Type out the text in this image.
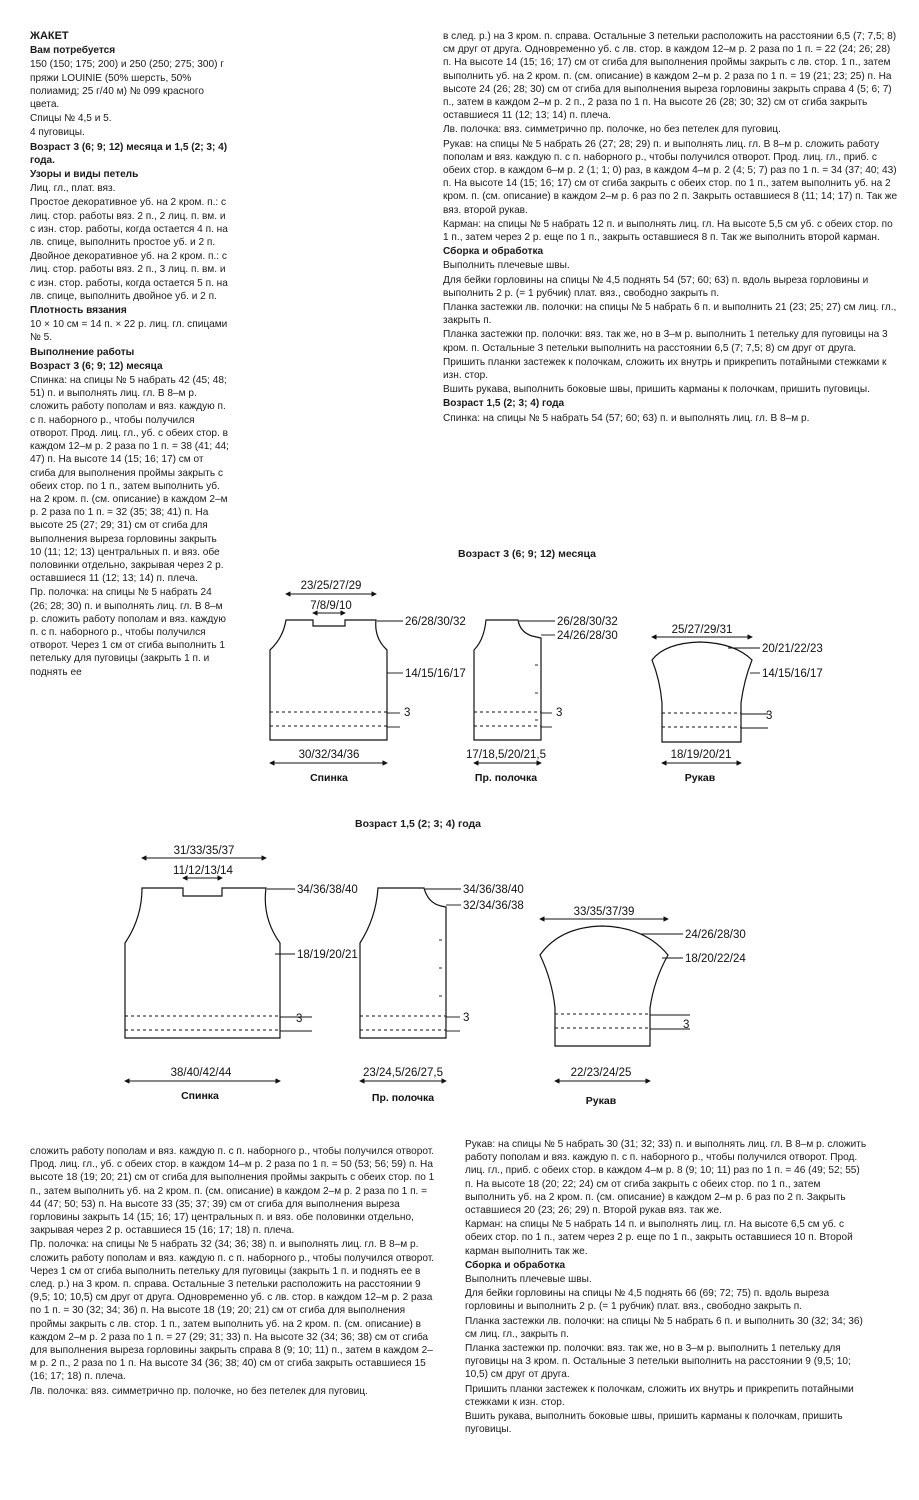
ЖАКЕТ

Вам потребуется

150 (150; 175; 200) и 250 (250; 275; 300) г пряжи LOUINIE (50% шерсть, 50% полиамид; 25 г/40 м) № 099 красного цвета.

Спицы № 4,5 и 5.

4 пуговицы.

Возраст 3 (6; 9; 12) месяца и 1,5 (2; 3; 4) года.

Узоры и виды петель

Лиц. гл., плат. вяз.

Простое декоративное уб. на 2 кром. п.: с лиц. стор. работы вяз. 2 п., 2 лиц. п. вм. и с изн. стор. работы, когда остается 4 п. на лв. спице, выполнить простое уб. и 2 п.

Двойное декоративное уб. на 2 кром. п.: с лиц. стор. работы вяз. 2 п., 3 лиц. п. вм. и с изн. стор. работы, когда остается 5 п. на лв. спице, выполнить двойное уб. и 2 п.

Плотность вязания

10 × 10 см = 14 п. × 22 р. лиц. гл. спицами № 5.

Выполнение работы

Возраст 3 (6; 9; 12) месяца

Спинка: на спицы № 5 набрать 42 (45; 48; 51) п. и выполнять лиц. гл. В 8–м р. сложить работу пополам и вяз. каждую п. с п. наборного р., чтобы получился отворот. Прод. лиц. гл., уб. с обеих стор. в каждом 12–м р. 2 раза по 1 п. = 38 (41; 44; 47) п. На высоте 14 (15; 16; 17) см от сгиба для выполнения проймы закрыть с обеих стор. по 1 п., затем выполнить уб. на 2 кром. п. (см. описание) в каждом 2–м р. 2 раза по 1 п. = 32 (35; 38; 41) п. На высоте 25 (27; 29; 31) см от сгиба для выполнения выреза горловины закрыть 10 (11; 12; 13) центральных п. и вяз. обе половинки отдельно, закрывая через 2 р. оставшиеся 11 (12; 13; 14) п. плеча.

Пр. полочка: на спицы № 5 набрать 24 (26; 28; 30) п. и выполнять лиц. гл. В 8–м р. сложить работу пополам и вяз. каждую п. с п. наборного р., чтобы получился отворот. Через 1 см от сгиба выполнить 1 петельку для пуговицы (закрыть 1 п. и поднять ее

в след. р.) на 3 кром. п. справа. Остальные 3 петельки расположить на расстоянии 6,5 (7; 7,5; 8) см друг от друга. Одновременно уб. с лв. стор. в каждом 12–м р. 2 раза по 1 п. = 22 (24; 26; 28) п. На высоте 14 (15; 16; 17) см от сгиба для выполнения проймы закрыть с лв. стор. 1 п., затем выполнить уб. на 2 кром. п. (см. описание) в каждом 2–м р. 2 раза по 1 п. = 19 (21; 23; 25) п. На высоте 24 (26; 28; 30) см от сгиба для выполнения выреза горловины закрыть справа 4 (5; 6; 7) п., затем в каждом 2–м р. 2 п., 2 раза по 1 п. На высоте 26 (28; 30; 32) см от сгиба закрыть оставшиеся 11 (12; 13; 14) п. плеча.

Лв. полочка: вяз. симметрично пр. полочке, но без петелек для пуговиц.

Рукав: на спицы № 5 набрать 26 (27; 28; 29) п. и выполнять лиц. гл. В 8–м р. сложить работу пополам и вяз. каждую п. с п. наборного р., чтобы получился отворот. Прод. лиц. гл., приб. с обеих стор. в каждом 6–м р. 2 (1; 1; 0) раз, в каждом 4–м р. 2 (4; 5; 7) раз по 1 п. = 34 (37; 40; 43) п. На высоте 14 (15; 16; 17) см от сгиба закрыть с обеих стор. по 1 п., затем выполнить уб. на 2 кром. п. (см. описание) в каждом 2–м р. 6 раз по 2 п. Закрыть оставшиеся 8 (11; 14; 17) п. Так же вяз. второй рукав.

Карман: на спицы № 5 набрать 12 п. и выполнять лиц. гл. На высоте 5,5 см уб. с обеих стор. по 1 п., затем через 2 р. еще по 1 п., закрыть оставшиеся 8 п. Так же выполнить второй карман.

Сборка и обработка

Выполнить плечевые швы.

Для бейки горловины на спицы № 4,5 поднять 54 (57; 60; 63) п. вдоль выреза горловины и выполнить 2 р. (= 1 рубчик) плат. вяз., свободно закрыть п.

Планка застежки лв. полочки: на спицы № 5 набрать 6 п. и выполнить 21 (23; 25; 27) см лиц. гл., закрыть п.

Планка застежки пр. полочки: вяз. так же, но в 3–м р. выполнить 1 петельку для пуговицы на 3 кром. п. Остальные 3 петельки выполнить на расстоянии 6,5 (7; 7,5; 8) см друг от друга.

Пришить планки застежек к полочкам, сложить их внутрь и прикрепить потайными стежками к изн. стор.

Вшить рукава, выполнить боковые швы, пришить карманы к полочкам, пришить пуговицы.

Возраст 1,5 (2; 3; 4) года

Спинка: на спицы № 5 набрать 54 (57; 60; 63) п. и выполнять лиц. гл. В 8–м р.

Возраст 3 (6; 9; 12) месяца
Возраст 1,5 (2; 3; 4) года
23/25/27/29
7/8/9/10
26/28/30/32
14/15/16/17
3
30/32/34/36
Спинка
26/28/30/32
24/26/28/30
3
17/18,5/20/21,5
Пр. полочка
25/27/29/31
20/21/22/23
14/15/16/17
3
18/19/20/21
Рукав
31/33/35/37
11/12/13/14
34/36/38/40
18/19/20/21
3
38/40/42/44
Спинка
34/36/38/40
32/34/36/38
3
23/24,5/26/27,5
Пр. полочка
33/35/37/39
24/26/28/30
18/20/22/24
3
22/23/24/25
Рукав

сложить работу пополам и вяз. каждую п. с п. наборного р., чтобы получился отворот. Прод. лиц. гл., уб. с обеих стор. в каждом 14–м р. 2 раза по 1 п. = 50 (53; 56; 59) п. На высоте 18 (19; 20; 21) см от сгиба для выполнения проймы закрыть с обеих стор. по 1 п., затем выполнить уб. на 2 кром. п. (см. описание) в каждом 2–м р. 2 раза по 1 п. = 44 (47; 50; 53) п. На высоте 33 (35; 37; 39) см от сгиба для выполнения выреза горловины закрыть 14 (15; 16; 17) центральных п. и вяз. обе половинки отдельно, закрывая через 2 р. оставшиеся 15 (16; 17; 18) п. плеча.

Пр. полочка: на спицы № 5 набрать 32 (34; 36; 38) п. и выполнять лиц. гл. В 8–м р. сложить работу пополам и вяз. каждую п. с п. наборного р., чтобы получился отворот. Через 1 см от сгиба выполнить петельку для пуговицы (закрыть 1 п. и поднять ее в след. р.) на 3 кром. п. справа. Остальные 3 петельки расположить на расстоянии 9 (9,5; 10; 10,5) см друг от друга. Одновременно уб. с лв. стор. в каждом 12–м р. 2 раза по 1 п. = 30 (32; 34; 36) п. На высоте 18 (19; 20; 21) см от сгиба для выполнения проймы закрыть с лв. стор. 1 п., затем выполнить уб. на 2 кром. п. (см. описание) в каждом 2–м р. 2 раза по 1 п. = 27 (29; 31; 33) п. На высоте 32 (34; 36; 38) см от сгиба для выполнения выреза горловины закрыть справа 8 (9; 10; 11) п., затем в каждом 2–м р. 2 п., 2 раза по 1 п. На высоте 34 (36; 38; 40) см от сгиба закрыть оставшиеся 15 (16; 17; 18) п. плеча.

Лв. полочка: вяз. симметрично пр. полочке, но без петелек для пуговиц.

Рукав: на спицы № 5 набрать 30 (31; 32; 33) п. и выполнять лиц. гл. В 8–м р. сложить работу пополам и вяз. каждую п. с п. наборного р., чтобы получился отворот. Прод. лиц. гл., приб. с обеих стор. в каждом 4–м р. 8 (9; 10; 11) раз по 1 п. = 46 (49; 52; 55) п. На высоте 18 (20; 22; 24) см от сгиба закрыть с обеих стор. по 1 п., затем выполнить уб. на 2 кром. п. (см. описание) в каждом 2–м р. 6 раз по 2 п. Закрыть оставшиеся 20 (23; 26; 29) п. Второй рукав вяз. так же.

Карман: на спицы № 5 набрать 14 п. и выполнять лиц. гл. На высоте 6,5 см уб. с обеих стор. по 1 п., затем через 2 р. еще по 1 п., закрыть оставшиеся 10 п. Второй карман выполнить так же.

Сборка и обработка

Выполнить плечевые швы.

Для бейки горловины на спицы № 4,5 поднять 66 (69; 72; 75) п. вдоль выреза горловины и выполнить 2 р. (= 1 рубчик) плат. вяз., свободно закрыть п.

Планка застежки лв. полочки: на спицы № 5 набрать 6 п. и выполнить 30 (32; 34; 36) см лиц. гл., закрыть п.

Планка застежки пр. полочки: вяз. так же, но в 3–м р. выполнить 1 петельку для пуговицы на 3 кром. п. Остальные 3 петельки выполнить на расстоянии 9 (9,5; 10; 10,5) см друг от друга.

Пришить планки застежек к полочкам, сложить их внутрь и прикрепить потайными стежками к изн. стор.

Вшить рукава, выполнить боковые швы, пришить карманы к полочкам, пришить пуговицы.
